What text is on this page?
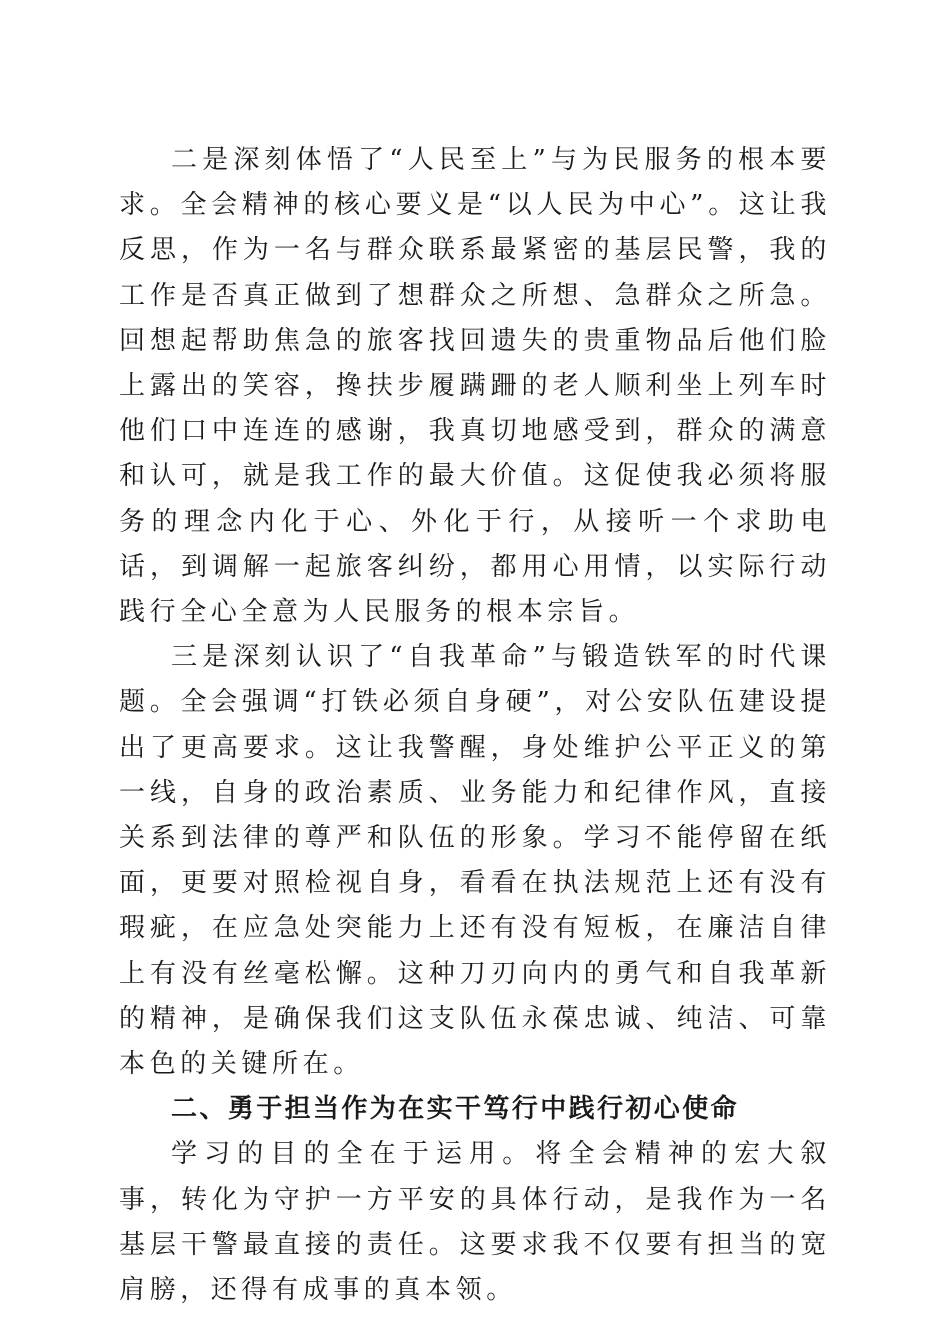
二是深刻体悟了“人民至上”与为民服务的根本要求。全会精神的核心要义是“以人民为中心”。这让我反思，作为一名与群众联系最紧密的基层民警，我的工作是否真正做到了想群众之所想、急群众之所急。回想起帮助焦急的旅客找回遗失的贵重物品后他们脸上露出的笑容，搀扶步履蹒跚的老人顺利坐上列车时他们口中连连的感谢，我真切地感受到，群众的满意和认可，就是我工作的最大价值。这促使我必须将服务的理念内化于心、外化于行，从接听一个求助电话，到调解一起旅客纠纷，都用心用情，以实际行动践行全心全意为人民服务的根本宗旨。

三是深刻认识了“自我革命”与锻造铁军的时代课题。全会强调“打铁必须自身硬”，对公安队伍建设提出了更高要求。这让我警醒，身处维护公平正义的第一线，自身的政治素质、业务能力和纪律作风，直接关系到法律的尊严和队伍的形象。学习不能停留在纸面，更要对照检视自身，看看在执法规范上还有没有瑕疵，在应急处突能力上还有没有短板，在廉洁自律上有没有丝毫松懈。这种刀刃向内的勇气和自我革新的精神，是确保我们这支队伍永葆忠诚、纯洁、可靠本色的关键所在。

二、勇于担当作为在实干笃行中践行初心使命

学习的目的全在于运用。将全会精神的宏大叙事，转化为守护一方平安的具体行动，是我作为一名基层干警最直接的责任。这要求我不仅要有担当的宽肩膀，还得有成事的真本领。
